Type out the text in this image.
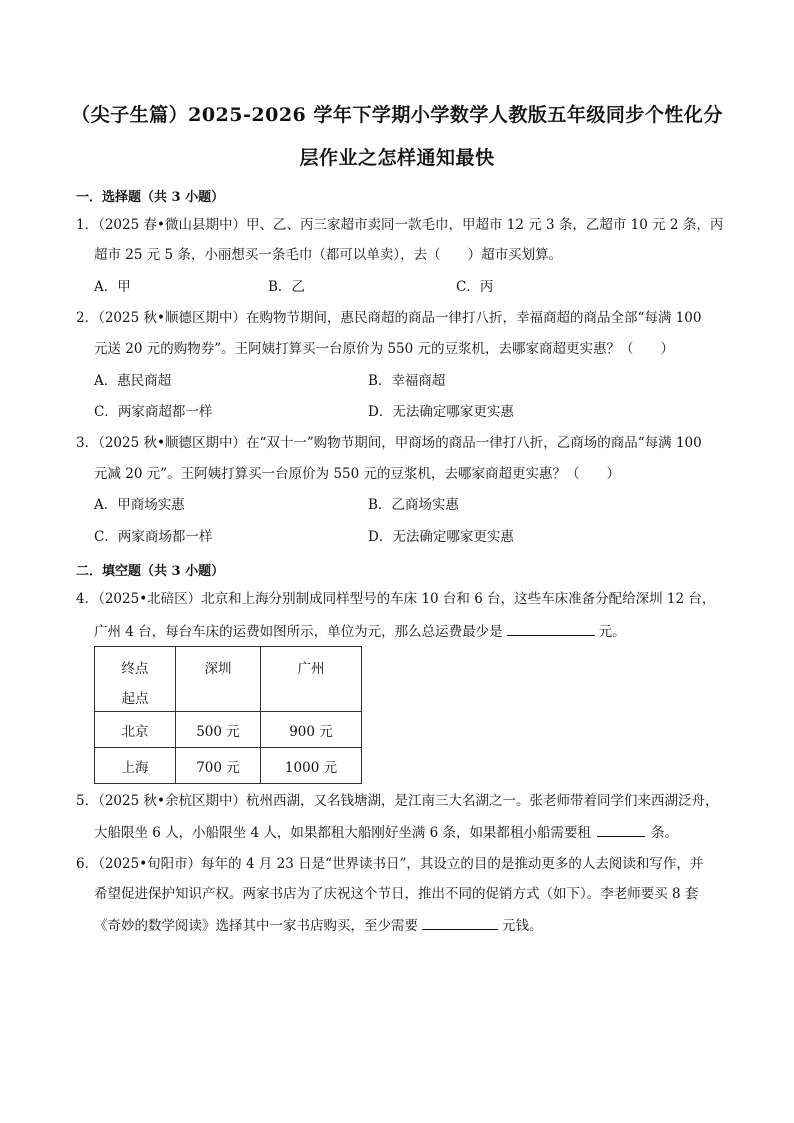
（尖子生篇）2025-2026 学年下学期小学数学人教版五年级同步个性化分
层作业之怎样通知最快
一．选择题（共 3 小题）
1．（2025 春•微山县期中）甲、乙、丙三家超市卖同一款毛巾，甲超市 12 元 3 条，乙超市 10 元 2 条，丙
超市 25 元 5 条，小丽想买一条毛巾（都可以单卖），去（　　）超市买划算。
A．甲	B．乙	C．丙
2．（2025 秋•顺德区期中）在购物节期间，惠民商超的商品一律打八折，幸福商超的商品全部“每满 100
元送 20 元的购物券”。王阿姨打算买一台原价为 550 元的豆浆机，去哪家商超更实惠？（　　）
A．惠民商超	B．幸福商超
C．两家商超都一样	D．无法确定哪家更实惠
3．（2025 秋•顺德区期中）在“双十一”购物节期间，甲商场的商品一律打八折，乙商场的商品“每满 100
元减 20 元”。王阿姨打算买一台原价为 550 元的豆浆机，去哪家商超更实惠？（　　）
A．甲商场实惠	B．乙商场实惠
C．两家商场都一样	D．无法确定哪家更实惠
二．填空题（共 3 小题）
4．（2025•北碚区）北京和上海分别制成同样型号的车床 10 台和 6 台，这些车床准备分配给深圳 12 台，
广州 4 台，每台车床的运费如图所示，单位为元，那么总运费最少是	元。
终点
起点	深圳	广州

北京	500 元	900 元
上海	700 元	1000 元
5．（2025 秋•余杭区期中）杭州西湖，又名钱塘湖，是江南三大名湖之一。张老师带着同学们来西湖泛舟，
大船限坐 6 人，小船限坐 4 人，如果都租大船刚好坐满 6 条，如果都租小船需要租	条。
6．（2025•旬阳市）每年的 4 月 23 日是“世界读书日”，其设立的目的是推动更多的人去阅读和写作，并
希望促进保护知识产权。两家书店为了庆祝这个节日，推出不同的促销方式（如下）。李老师要买 8 套
《奇妙的数学阅读》选择其中一家书店购买，至少需要	元钱。
